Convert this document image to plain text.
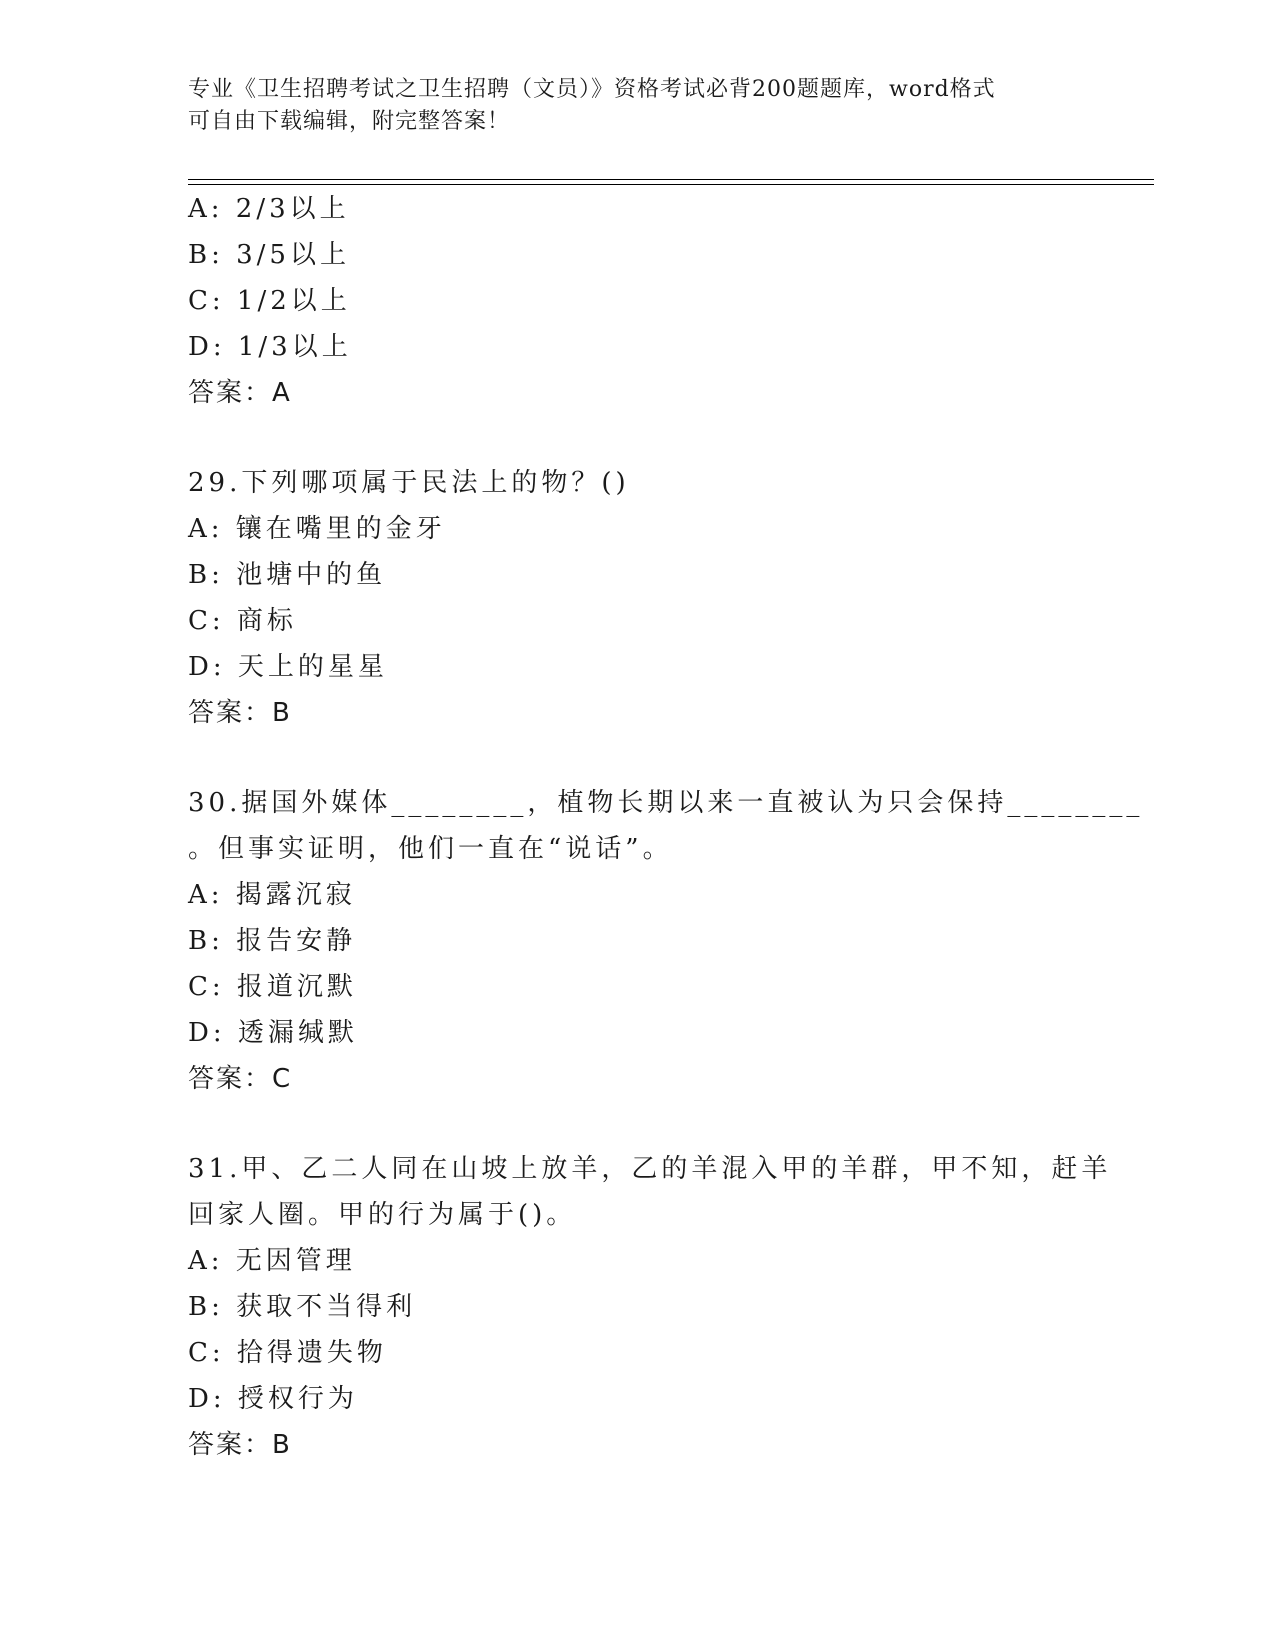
专业《卫生招聘考试之卫生招聘（文员）》资格考试必背200题题库，word格式
可自由下载编辑，附完整答案！
A: 2/3以上
B: 3/5以上
C: 1/2以上
D: 1/3以上
答案：A
29.下列哪项属于民法上的物？()
A: 镶在嘴里的金牙
B: 池塘中的鱼
C: 商标
D: 天上的星星
答案：B
30.据国外媒体________，植物长期以来一直被认为只会保持________
。但事实证明，他们一直在“说话”。
A: 揭露沉寂
B: 报告安静
C: 报道沉默
D: 透漏缄默
答案：C
31.甲、乙二人同在山坡上放羊，乙的羊混入甲的羊群，甲不知，赶羊
回家人圈。甲的行为属于()。
A: 无因管理
B: 获取不当得利
C: 拾得遗失物
D: 授权行为
答案：B
